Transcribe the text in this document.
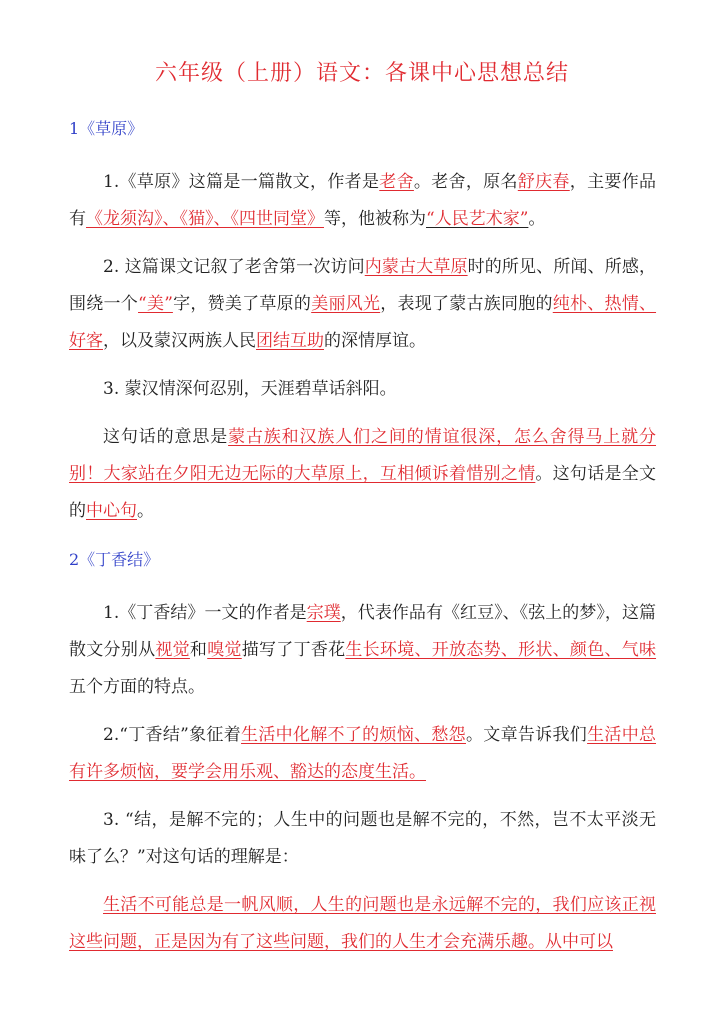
六年级（上册）语文：各课中心思想总结
1《草原》

1.《草原》这篇是一篇散文，作者是老舍。老舍，原名舒庆春，主要作品有《龙须沟》、《猫》、《四世同堂》等，他被称为“人民艺术家”。

2. 这篇课文记叙了老舍第一次访问内蒙古大草原时的所见、所闻、所感，围绕一个“美”字，赞美了草原的美丽风光，表现了蒙古族同胞的纯朴、热情、好客，以及蒙汉两族人民团结互助的深情厚谊。

3. 蒙汉情深何忍别，天涯碧草话斜阳。

这句话的意思是蒙古族和汉族人们之间的情谊很深，怎么舍得马上就分别！大家站在夕阳无边无际的大草原上，互相倾诉着惜别之情。这句话是全文的中心句。

2《丁香结》

1.《丁香结》一文的作者是宗璞，代表作品有《红豆》、《弦上的梦》，这篇散文分别从视觉和嗅觉描写了丁香花生长环境、开放态势、形状、颜色、气味五个方面的特点。

2.“丁香结”象征着生活中化解不了的烦恼、愁怨。文章告诉我们生活中总有许多烦恼，要学会用乐观、豁达的态度生活。

3. “结，是解不完的；人生中的问题也是解不完的，不然，岂不太平淡无味了么？”对这句话的理解是：

生活不可能总是一帆风顺，人生的问题也是永远解不完的，我们应该正视这些问题，正是因为有了这些问题，我们的人生才会充满乐趣。从中可以
